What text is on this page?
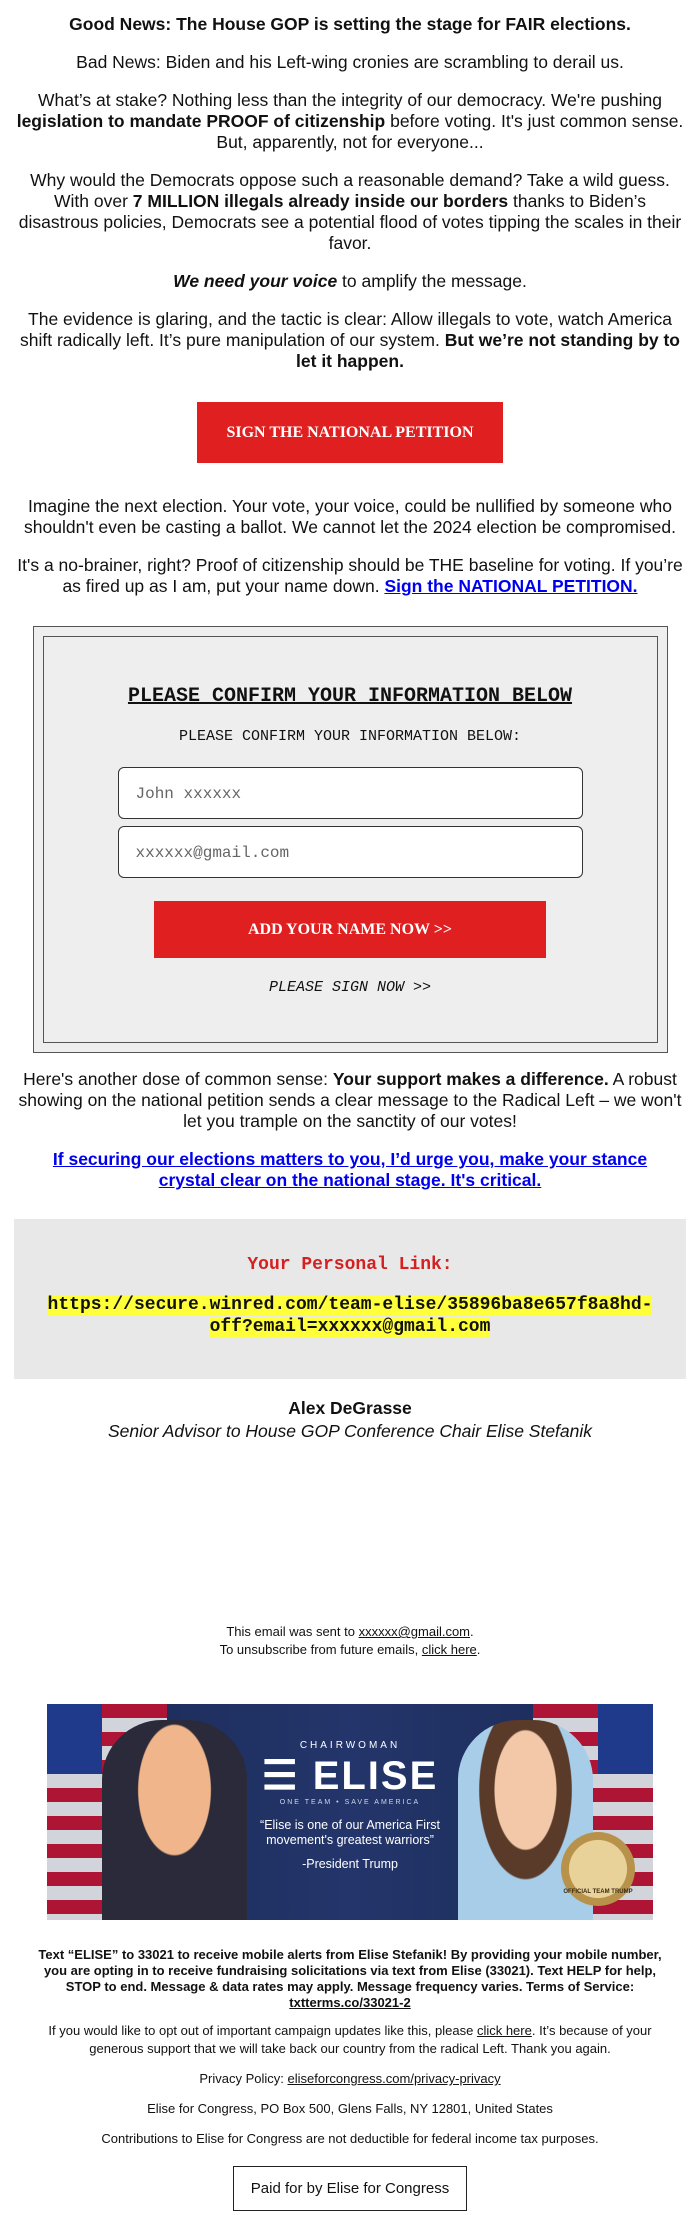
Good News: The House GOP is setting the stage for FAIR elections.

Bad News: Biden and his Left-wing cronies are scrambling to derail us.

What’s at stake? Nothing less than the integrity of our democracy. We're pushing legislation to mandate PROOF of citizenship before voting. It's just common sense. But, apparently, not for everyone...

Why would the Democrats oppose such a reasonable demand? Take a wild guess. With over 7 MILLION illegals already inside our borders thanks to Biden’s disastrous policies, Democrats see a potential flood of votes tipping the scales in their favor.

We need your voice to amplify the message.

The evidence is glaring, and the tactic is clear: Allow illegals to vote, watch America shift radically left. It’s pure manipulation of our system. But we’re not standing by to let it happen.

SIGN THE NATIONAL PETITION

Imagine the next election. Your vote, your voice, could be nullified by someone who shouldn't even be casting a ballot. We cannot let the 2024 election be compromised.

It's a no-brainer, right? Proof of citizenship should be THE baseline for voting. If you’re as fired up as I am, put your name down. Sign the NATIONAL PETITION.

PLEASE CONFIRM YOUR INFORMATION BELOW
PLEASE CONFIRM YOUR INFORMATION BELOW:
John xxxxxx
xxxxxx@gmail.com
ADD YOUR NAME NOW >>
PLEASE SIGN NOW >>

Here's another dose of common sense: Your support makes a difference. A robust showing on the national petition sends a clear message to the Radical Left – we won't let you trample on the sanctity of our votes!

If securing our elections matters to you, I’d urge you, make your stance crystal clear on the national stage. It's critical.

Your Personal Link:
https://secure.winred.com/team-elise/35896ba8e657f8a8hd-
off?email=xxxxxx@gmail.com
Alex DeGrasse
Senior Advisor to House GOP Conference Chair Elise Stefanik
This email was sent to xxxxxx@gmail.com.
To unsubscribe from future emails, click here.
CHAIRWOMAN
☰ ELISE
ONE TEAM • SAVE AMERICA
“Elise is one of our America First movement's greatest warriors”
-President Trump
OFFICIAL TEAM TRUMP
Text “ELISE” to 33021 to receive mobile alerts from Elise Stefanik! By providing your mobile number, you are opting in to receive fundraising solicitations via text from Elise (33021). Text HELP for help, STOP to end. Message & data rates may apply. Message frequency varies. Terms of Service: txtterms.co/33021-2
If you would like to opt out of important campaign updates like this, please click here. It’s because of your generous support that we will take back our country from the radical Left. Thank you again.
Privacy Policy: eliseforcongress.com/privacy-privacy
Elise for Congress, PO Box 500, Glens Falls, NY 12801, United States
Contributions to Elise for Congress are not deductible for federal income tax purposes.
Paid for by Elise for Congress
